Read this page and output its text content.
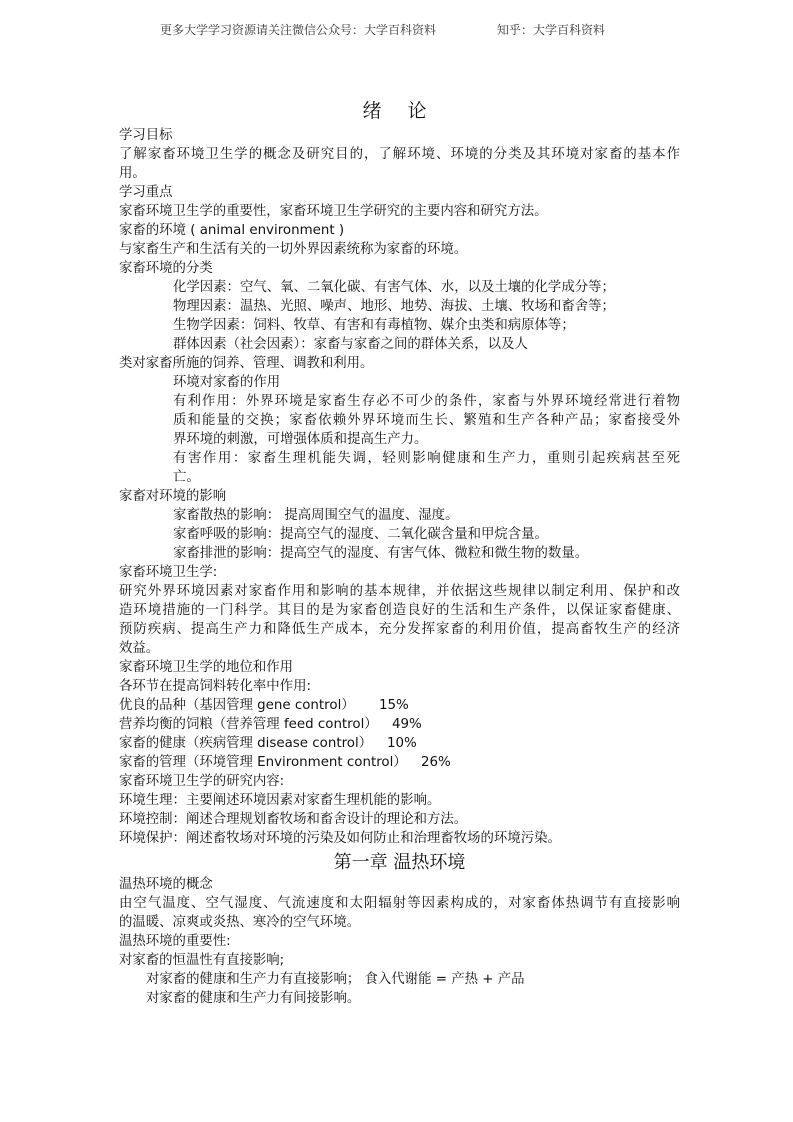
更多大学学习资源请关注微信公众号：大学百科资料	知乎：大学百科资料
绪 论
学习目标
了解家畜环境卫生学的概念及研究目的，了解环境、环境的分类及其环境对家畜的基本作
用。
学习重点
家畜环境卫生学的重要性，家畜环境卫生学研究的主要内容和研究方法。
家畜的环境 ( animal environment )
与家畜生产和生活有关的一切外界因素统称为家畜的环境。
家畜环境的分类
化学因素：空气、氧、二氧化碳、有害气体、水，以及土壤的化学成分等；
物理因素：温热、光照、噪声、地形、地势、海拔、土壤、牧场和畜舍等；
生物学因素：饲料、牧草、有害和有毒植物、媒介虫类和病原体等；
群体因素（社会因素）：家畜与家畜之间的群体关系，以及人
类对家畜所施的饲养、管理、调教和利用。
环境对家畜的作用
有利作用：外界环境是家畜生存必不可少的条件，家畜与外界环境经常进行着物
质和能量的交换；家畜依赖外界环境而生长、繁殖和生产各种产品；家畜接受外
界环境的刺激，可增强体质和提高生产力。
有害作用：家畜生理机能失调，轻则影响健康和生产力，重则引起疾病甚至死
亡。
家畜对环境的影响
家畜散热的影响： 提高周围空气的温度、湿度。
家畜呼吸的影响：提高空气的湿度、二氧化碳含量和甲烷含量。
家畜排泄的影响：提高空气的湿度、有害气体、微粒和微生物的数量。
家畜环境卫生学:
研究外界环境因素对家畜作用和影响的基本规律，并依据这些规律以制定利用、保护和改
造环境措施的一门科学。其目的是为家畜创造良好的生活和生产条件，以保证家畜健康、
预防疾病、提高生产力和降低生产成本，充分发挥家畜的利用价值，提高畜牧生产的经济
效益。
家畜环境卫生学的地位和作用
各环节在提高饲料转化率中作用:
优良的品种（基因管理 gene control） 15%
营养均衡的饲粮（营养管理 feed control） 49%
家畜的健康（疾病管理 disease control） 10%
家畜的管理（环境管理 Environment control） 26%
家畜环境卫生学的研究内容:
环境生理：主要阐述环境因素对家畜生理机能的影响。
环境控制：阐述合理规划畜牧场和畜舍设计的理论和方法。
环境保护：阐述畜牧场对环境的污染及如何防止和治理畜牧场的环境污染。
第一章 温热环境
温热环境的概念
由空气温度、空气湿度、气流速度和太阳辐射等因素构成的，对家畜体热调节有直接影响
的温暖、凉爽或炎热、寒冷的空气环境。
温热环境的重要性:
对家畜的恒温性有直接影响;
对家畜的健康和生产力有直接影响； 食入代谢能 = 产热 + 产品
对家畜的健康和生产力有间接影响。
